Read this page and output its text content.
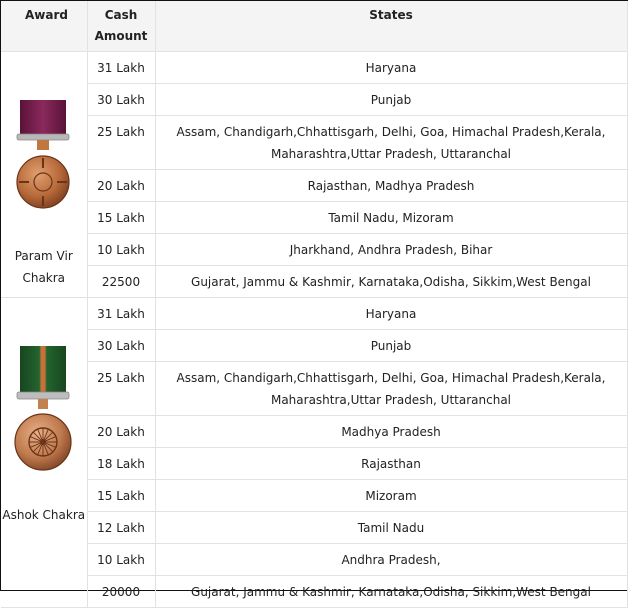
Award	Cash Amount	States

Param Vir Chakra	31 Lakh	Haryana
	30 Lakh	Punjab
	25 Lakh	Assam, Chandigarh,Chhattisgarh, Delhi, Goa, Himachal Pradesh,Kerala, Maharashtra,Uttar Pradesh, Uttaranchal
	20 Lakh	Rajasthan, Madhya Pradesh
	15 Lakh	Tamil Nadu, Mizoram
	10 Lakh	Jharkhand, Andhra Pradesh, Bihar
	22500	Gujarat, Jammu & Kashmir, Karnataka,Odisha, Sikkim,West Bengal

Ashok Chakra	31 Lakh	Haryana
	30 Lakh	Punjab
	25 Lakh	Assam, Chandigarh,Chhattisgarh, Delhi, Goa, Himachal Pradesh,Kerala, Maharashtra,Uttar Pradesh, Uttaranchal
	20 Lakh	Madhya Pradesh
	18 Lakh	Rajasthan
	15 Lakh	Mizoram
	12 Lakh	Tamil Nadu
	10 Lakh	Andhra Pradesh,
	20000	Gujarat, Jammu & Kashmir, Karnataka,Odisha, Sikkim,West Bengal
